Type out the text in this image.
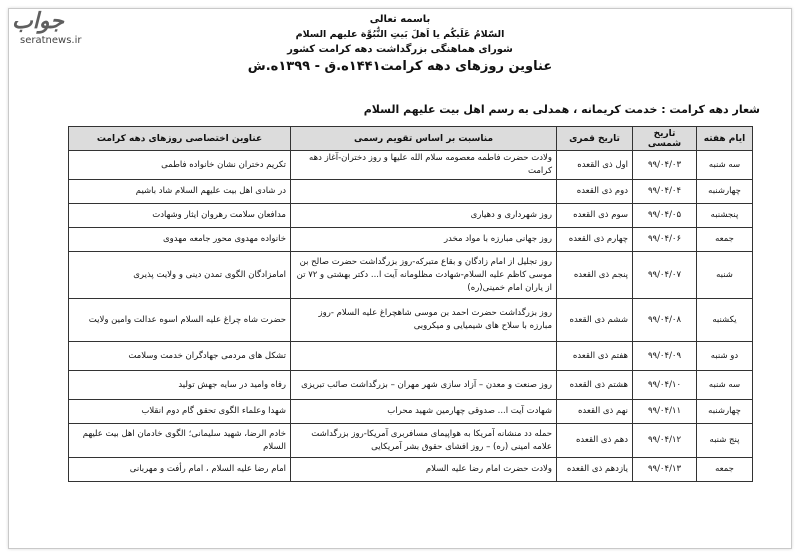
جواب
seratnews.ir
باسمه تعالی
السّلامُ عَلَیکُم یا اَهلَ بَیتِ النُّبُوَّة علیهم السلام
شورای هماهنگی بزرگداشت دهه کرامت کشور
عناوین روزهای دهه کرامت۱۴۴۱ه.ق - ۱۳۹۹ه.ش
شعار دهه کرامت : خدمت کریمانه ، همدلی به رسم اهل بیت علیهم السلام
ایام هفته	تاریخ شمسی	تاریخ قمری	مناسبت بر اساس تقویم رسمی	عناوین اختصاصی روزهای دهه کرامت
سه شنبه	۹۹/۰۴/۰۳	اول ذی القعده	ولادت حضرت فاطمه معصومه سلام الله علیها و روز دختران-آغاز دهه کرامت	تکریم دختران نشان خانواده فاطمی
چهارشنبه	۹۹/۰۴/۰۴	دوم ذی القعده		در شادی اهل بیت علیهم السلام شاد باشیم
پنجشنبه	۹۹/۰۴/۰۵	سوم ذی القعده	روز شهرداری و دهیاری	مدافعان سلامت رهروان ایثار وشهادت
جمعه	۹۹/۰۴/۰۶	چهارم ذی القعده	روز جهانی مبارزه با مواد مخدر	خانواده مهدوی محور جامعه مهدوی
شنبه	۹۹/۰۴/۰۷	پنجم ذی القعده	روز تجلیل از امام زادگان و بقاع متبرکه-روز بزرگداشت حضرت صالح بن موسی کاظم علیه السلام-شهادت مظلومانه آیت ا... دکتر بهشتی و ۷۲ تن از یاران امام خمینی(ره)	امامزادگان الگوی تمدن دینی و ولایت پذیری
یکشنبه	۹۹/۰۴/۰۸	ششم ذی القعده	روز بزرگداشت حضرت احمد بن موسی شاهچراغ علیه السلام -روز مبارزه با سلاح های شیمیایی و میکروبی	حضرت شاه چراغ علیه السلام اسوه عدالت وامین ولایت
دو شنبه	۹۹/۰۴/۰۹	هفتم ذی القعده		تشکل های مردمی جهادگران خدمت وسلامت
سه شنبه	۹۹/۰۴/۱۰	هشتم ذی القعده	روز صنعت و معدن – آزاد سازی شهر مهران – بزرگداشت صائب تبریزی	رفاه وامید در سایه جهش تولید
چهارشنبه	۹۹/۰۴/۱۱	نهم ذی القعده	شهادت آیت ا... صدوقی چهارمین شهید محراب	شهدا وعلماء الگوی تحقق گام دوم انقلاب
پنج شنبه	۹۹/۰۴/۱۲	دهم ذی القعده	حمله دد منشانه آمریکا به هواپیمای مسافربری آمریکا-روز بزرگداشت علامه امینی (ره) – روز افشای حقوق بشر آمریکایی	خادم الرضا، شهید سلیمانی؛ الگوی خادمان اهل بیت علیهم السلام
جمعه	۹۹/۰۴/۱۳	یازدهم ذی القعده	ولادت حضرت امام رضا علیه السلام	امام رضا علیه السلام ، امام رأفت و مهربانی
